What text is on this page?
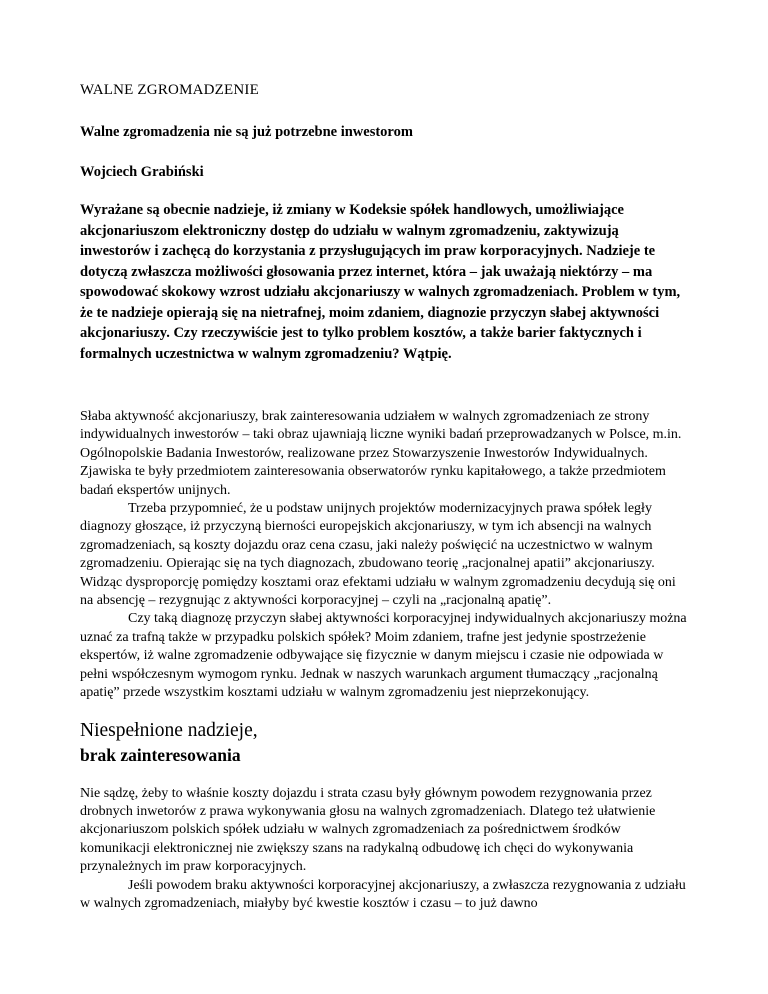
WALNE ZGROMADZENIE

Walne zgromadzenia nie są już potrzebne inwestorom

Wojciech Grabiński

Wyrażane są obecnie nadzieje, iż zmiany w Kodeksie spółek handlowych, umożliwiające akcjonariuszom elektroniczny dostęp do udziału w walnym zgromadzeniu, zaktywizują inwestorów i zachęcą do korzystania z przysługujących im praw korporacyjnych. Nadzieje te dotyczą zwłaszcza możliwości głosowania przez internet, która – jak uważają niektórzy – ma spowodować skokowy wzrost udziału akcjonariuszy w walnych zgromadzeniach. Problem w tym, że te nadzieje opierają się na nietrafnej, moim zdaniem, diagnozie przyczyn słabej aktywności akcjonariuszy. Czy rzeczywiście jest to tylko problem kosztów, a także barier faktycznych i formalnych uczestnictwa w walnym zgromadzeniu? Wątpię.

Słaba aktywność akcjonariuszy, brak zainteresowania udziałem w walnych zgromadzeniach ze strony indywidualnych inwestorów – taki obraz ujawniają liczne wyniki badań przeprowadzanych w Polsce, m.in. Ogólnopolskie Badania Inwestorów, realizowane przez Stowarzyszenie Inwestorów Indywidualnych. Zjawiska te były przedmiotem zainteresowania obserwatorów rynku kapitałowego, a także przedmiotem badań ekspertów unijnych.

Trzeba przypomnieć, że u podstaw unijnych projektów modernizacyjnych prawa spółek legły diagnozy głoszące, iż przyczyną bierności europejskich akcjonariuszy, w tym ich absencji na walnych zgromadzeniach, są koszty dojazdu oraz cena czasu, jaki należy poświęcić na uczestnictwo w walnym zgromadzeniu. Opierając się na tych diagnozach, zbudowano teorię „racjonalnej apatii” akcjonariuszy. Widząc dysproporcję pomiędzy kosztami oraz efektami udziału w walnym zgromadzeniu decydują się oni na absencję – rezygnując z aktywności korporacyjnej – czyli na „racjonalną apatię”.

Czy taką diagnozę przyczyn słabej aktywności korporacyjnej indywidualnych akcjonariuszy można uznać za trafną także w przypadku polskich spółek? Moim zdaniem, trafne jest jedynie spostrzeżenie ekspertów, iż walne zgromadzenie odbywające się fizycznie w danym miejscu i czasie nie odpowiada w pełni współczesnym wymogom rynku. Jednak w naszych warunkach argument tłumaczący „racjonalną apatię” przede wszystkim kosztami udziału w walnym zgromadzeniu jest nieprzekonujący.

Niespełnione nadzieje,
brak zainteresowania

Nie sądzę, żeby to właśnie koszty dojazdu i strata czasu były głównym powodem rezygnowania przez drobnych inwetorów z prawa wykonywania głosu na walnych zgromadzeniach. Dlatego też ułatwienie akcjonariuszom polskich spółek udziału w walnych zgromadzeniach za pośrednictwem środków komunikacji elektronicznej nie zwiększy szans na radykalną odbudowę ich chęci do wykonywania przynależnych im praw korporacyjnych.

Jeśli powodem braku aktywności korporacyjnej akcjonariuszy, a zwłaszcza rezygnowania z udziału w walnych zgromadzeniach, miałyby być kwestie kosztów i czasu – to już dawno
